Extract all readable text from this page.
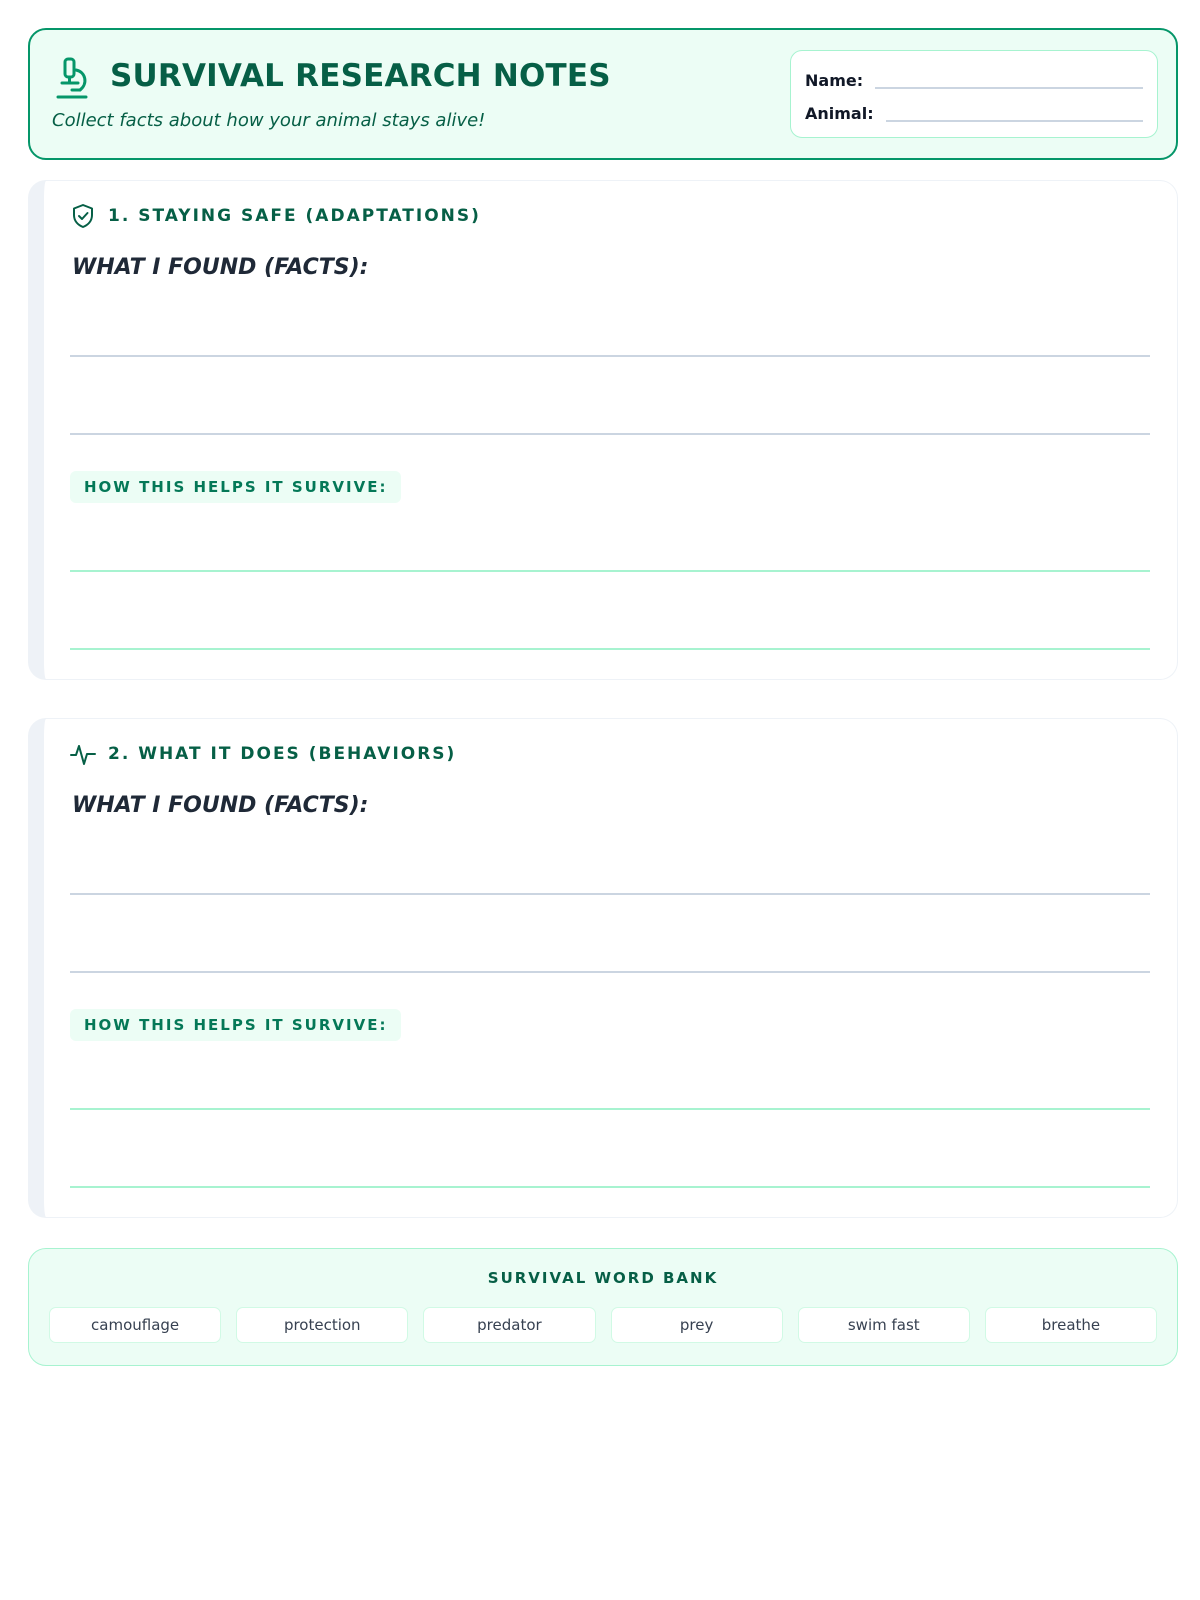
SURVIVAL RESEARCH NOTES
Collect facts about how your animal stays alive!
Name:
Animal:
1. STAYING SAFE (ADAPTATIONS)
WHAT I FOUND (FACTS):
HOW THIS HELPS IT SURVIVE:
2. WHAT IT DOES (BEHAVIORS)
WHAT I FOUND (FACTS):
HOW THIS HELPS IT SURVIVE:
SURVIVAL WORD BANK
camouflage	protection	predator	prey	swim fast	breathe
